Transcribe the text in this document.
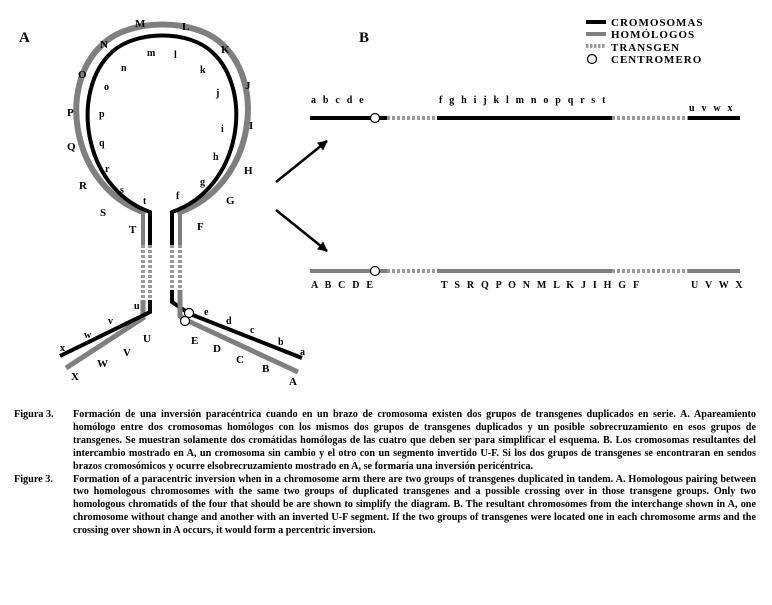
A	B
CROMOSOMAS
HOMÓLOGOS
TRANSGEN
CENTROMERO
A
B
C
D
E
T
U
V
W
X
F
G
H
I
J
K
L
M
N
O
P
Q
R
S
a
b
c
d
e
t
u
v
w
x
f
g
h
i
j
k
l
m
n
o
p
q
r
s
a b c d e	f g h i j k l m n o p q r s t
u v w x
A B C D E	T S R Q P O N M L K J I H G F	U V W X

Figura 3.	Formación de una inversión paracéntrica cuando en un brazo de cromosoma existen dos grupos de transgenes duplicados en serie. A. Apareamiento homólogo entre dos cromosomas homólogos con los mismos dos grupos de transgenes duplicados y un posible sobrecruzamiento en esos grupos de transgenes. Se muestran solamente dos cromátidas homólogas de las cuatro que deben ser para simplificar el esquema. B. Los cromosomas resultantes del intercambio mostrado en A, un cromosoma sin cambio y el otro con un segmento invertido U-F. Si los dos grupos de transgenes se encontraran en sendos brazos cromosómicos y ocurre elsobrecruzamiento mostrado en A, se formaría una inversión pericéntrica.

Figure 3.	Formation of a paracentric inversion when in a chromosome arm there are two groups of transgenes duplicated in tandem. A. Homologous pairing between two homologous chromosomes with the same two groups of duplicated transgenes and a possible crossing over in those transgene groups. Only two homologous chromatids of the four that should be are shown to simplify the diagram. B. The resultant chromosomes from the interchange shown in A, one chromosome without change and another with an inverted U-F segment. If the two groups of transgenes were located one in each chromosome arms and the crossing over shown in A occurs, it would form a percentric inversion.
